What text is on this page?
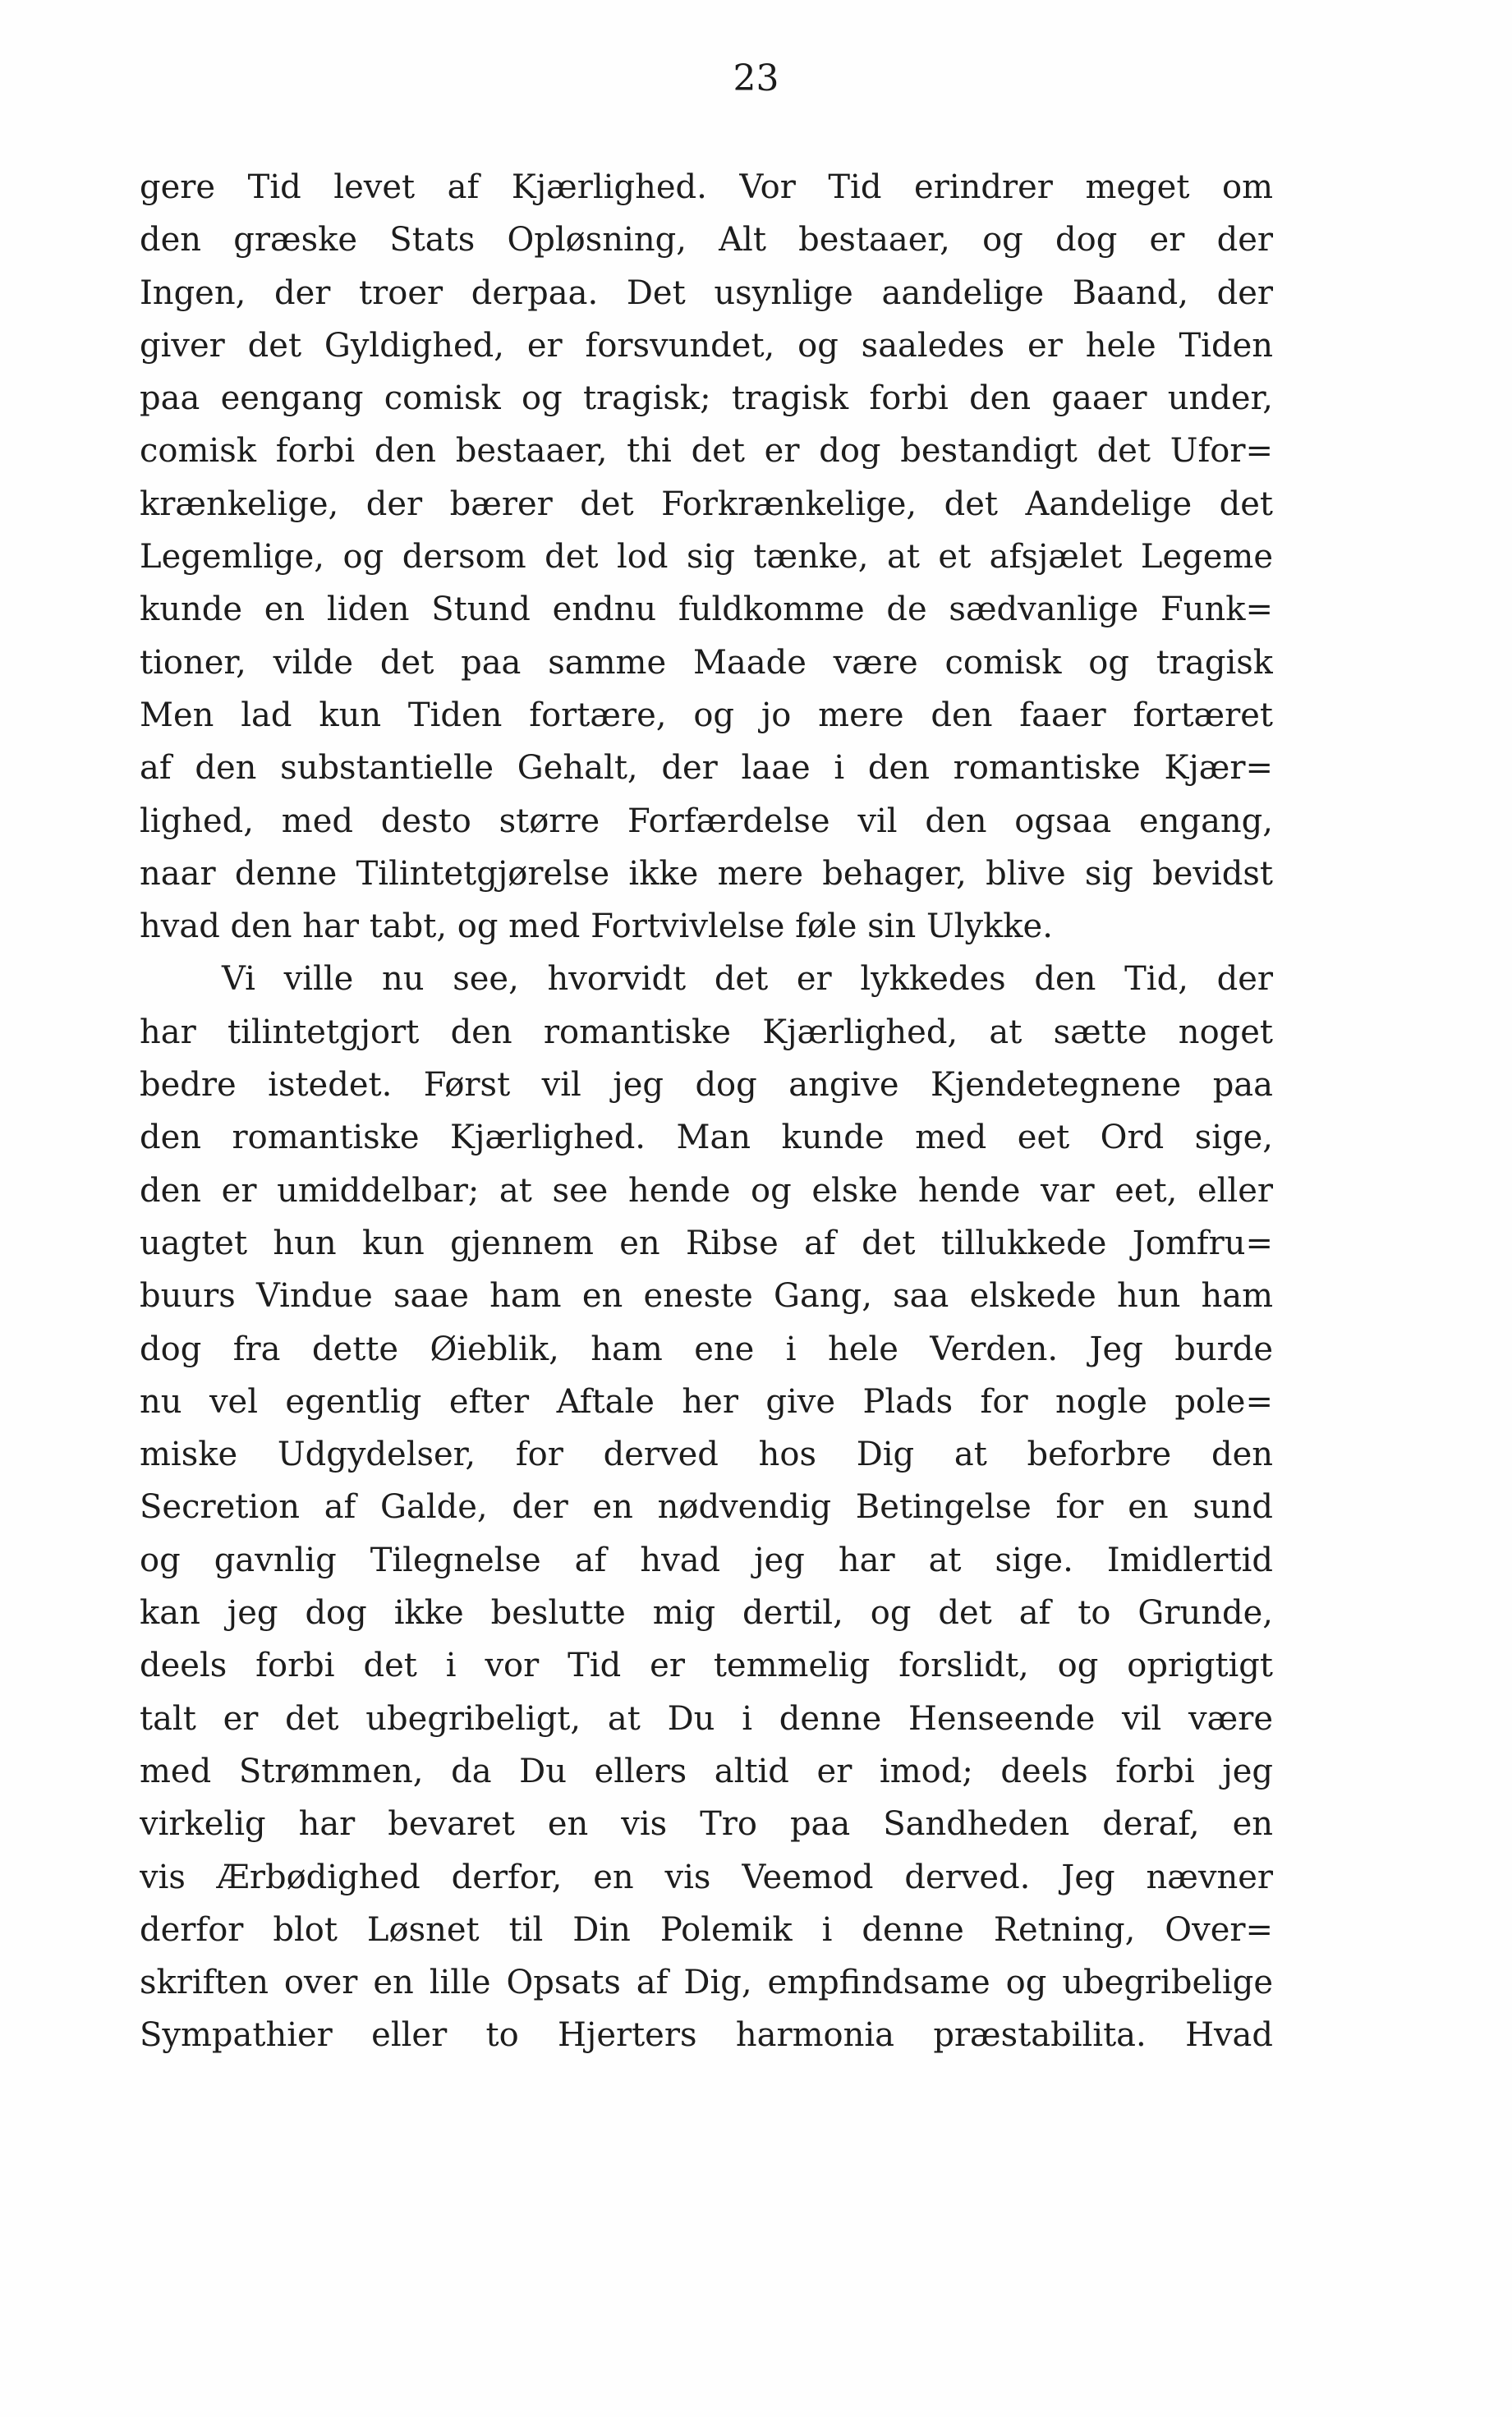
23
gere Tid levet af Kjærlighed. Vor Tid erindrer meget om
den græske Stats Opløsning, Alt bestaaer, og dog er der
Ingen, der troer derpaa. Det usynlige aandelige Baand, der
giver det Gyldighed, er forsvundet, og saaledes er hele Tiden
paa eengang comisk og tragisk; tragisk forbi den gaaer under,
comisk forbi den bestaaer, thi det er dog bestandigt det Ufor=
krænkelige, der bærer det Forkrænkelige, det Aandelige det
Legemlige, og dersom det lod sig tænke, at et afsjælet Legeme
kunde en liden Stund endnu fuldkomme de sædvanlige Funk=
tioner, vilde det paa samme Maade være comisk og tragisk
Men lad kun Tiden fortære, og jo mere den faaer fortæret
af den substantielle Gehalt, der laae i den romantiske Kjær=
lighed, med desto større Forfærdelse vil den ogsaa engang,
naar denne Tilintetgjørelse ikke mere behager, blive sig bevidst
hvad den har tabt, og med Fortvivlelse føle sin Ulykke.
Vi ville nu see, hvorvidt det er lykkedes den Tid, der
har tilintetgjort den romantiske Kjærlighed, at sætte noget
bedre istedet. Først vil jeg dog angive Kjendetegnene paa
den romantiske Kjærlighed. Man kunde med eet Ord sige,
den er umiddelbar; at see hende og elske hende var eet, eller
uagtet hun kun gjennem en Ribse af det tillukkede Jomfru=
buurs Vindue saae ham en eneste Gang, saa elskede hun ham
dog fra dette Øieblik, ham ene i hele Verden. Jeg burde
nu vel egentlig efter Aftale her give Plads for nogle pole=
miske Udgydelser, for derved hos Dig at beforbre den
Secretion af Galde, der en nødvendig Betingelse for en sund
og gavnlig Tilegnelse af hvad jeg har at sige. Imidlertid
kan jeg dog ikke beslutte mig dertil, og det af to Grunde,
deels forbi det i vor Tid er temmelig forslidt, og oprigtigt
talt er det ubegribeligt, at Du i denne Henseende vil være
med Strømmen, da Du ellers altid er imod; deels forbi jeg
virkelig har bevaret en vis Tro paa Sandheden deraf, en
vis Ærbødighed derfor, en vis Veemod derved. Jeg nævner
derfor blot Løsnet til Din Polemik i denne Retning, Over=
skriften over en lille Opsats af Dig, empfindsame og ubegribelige
Sympathier eller to Hjerters harmonia præstabilita. Hvad
